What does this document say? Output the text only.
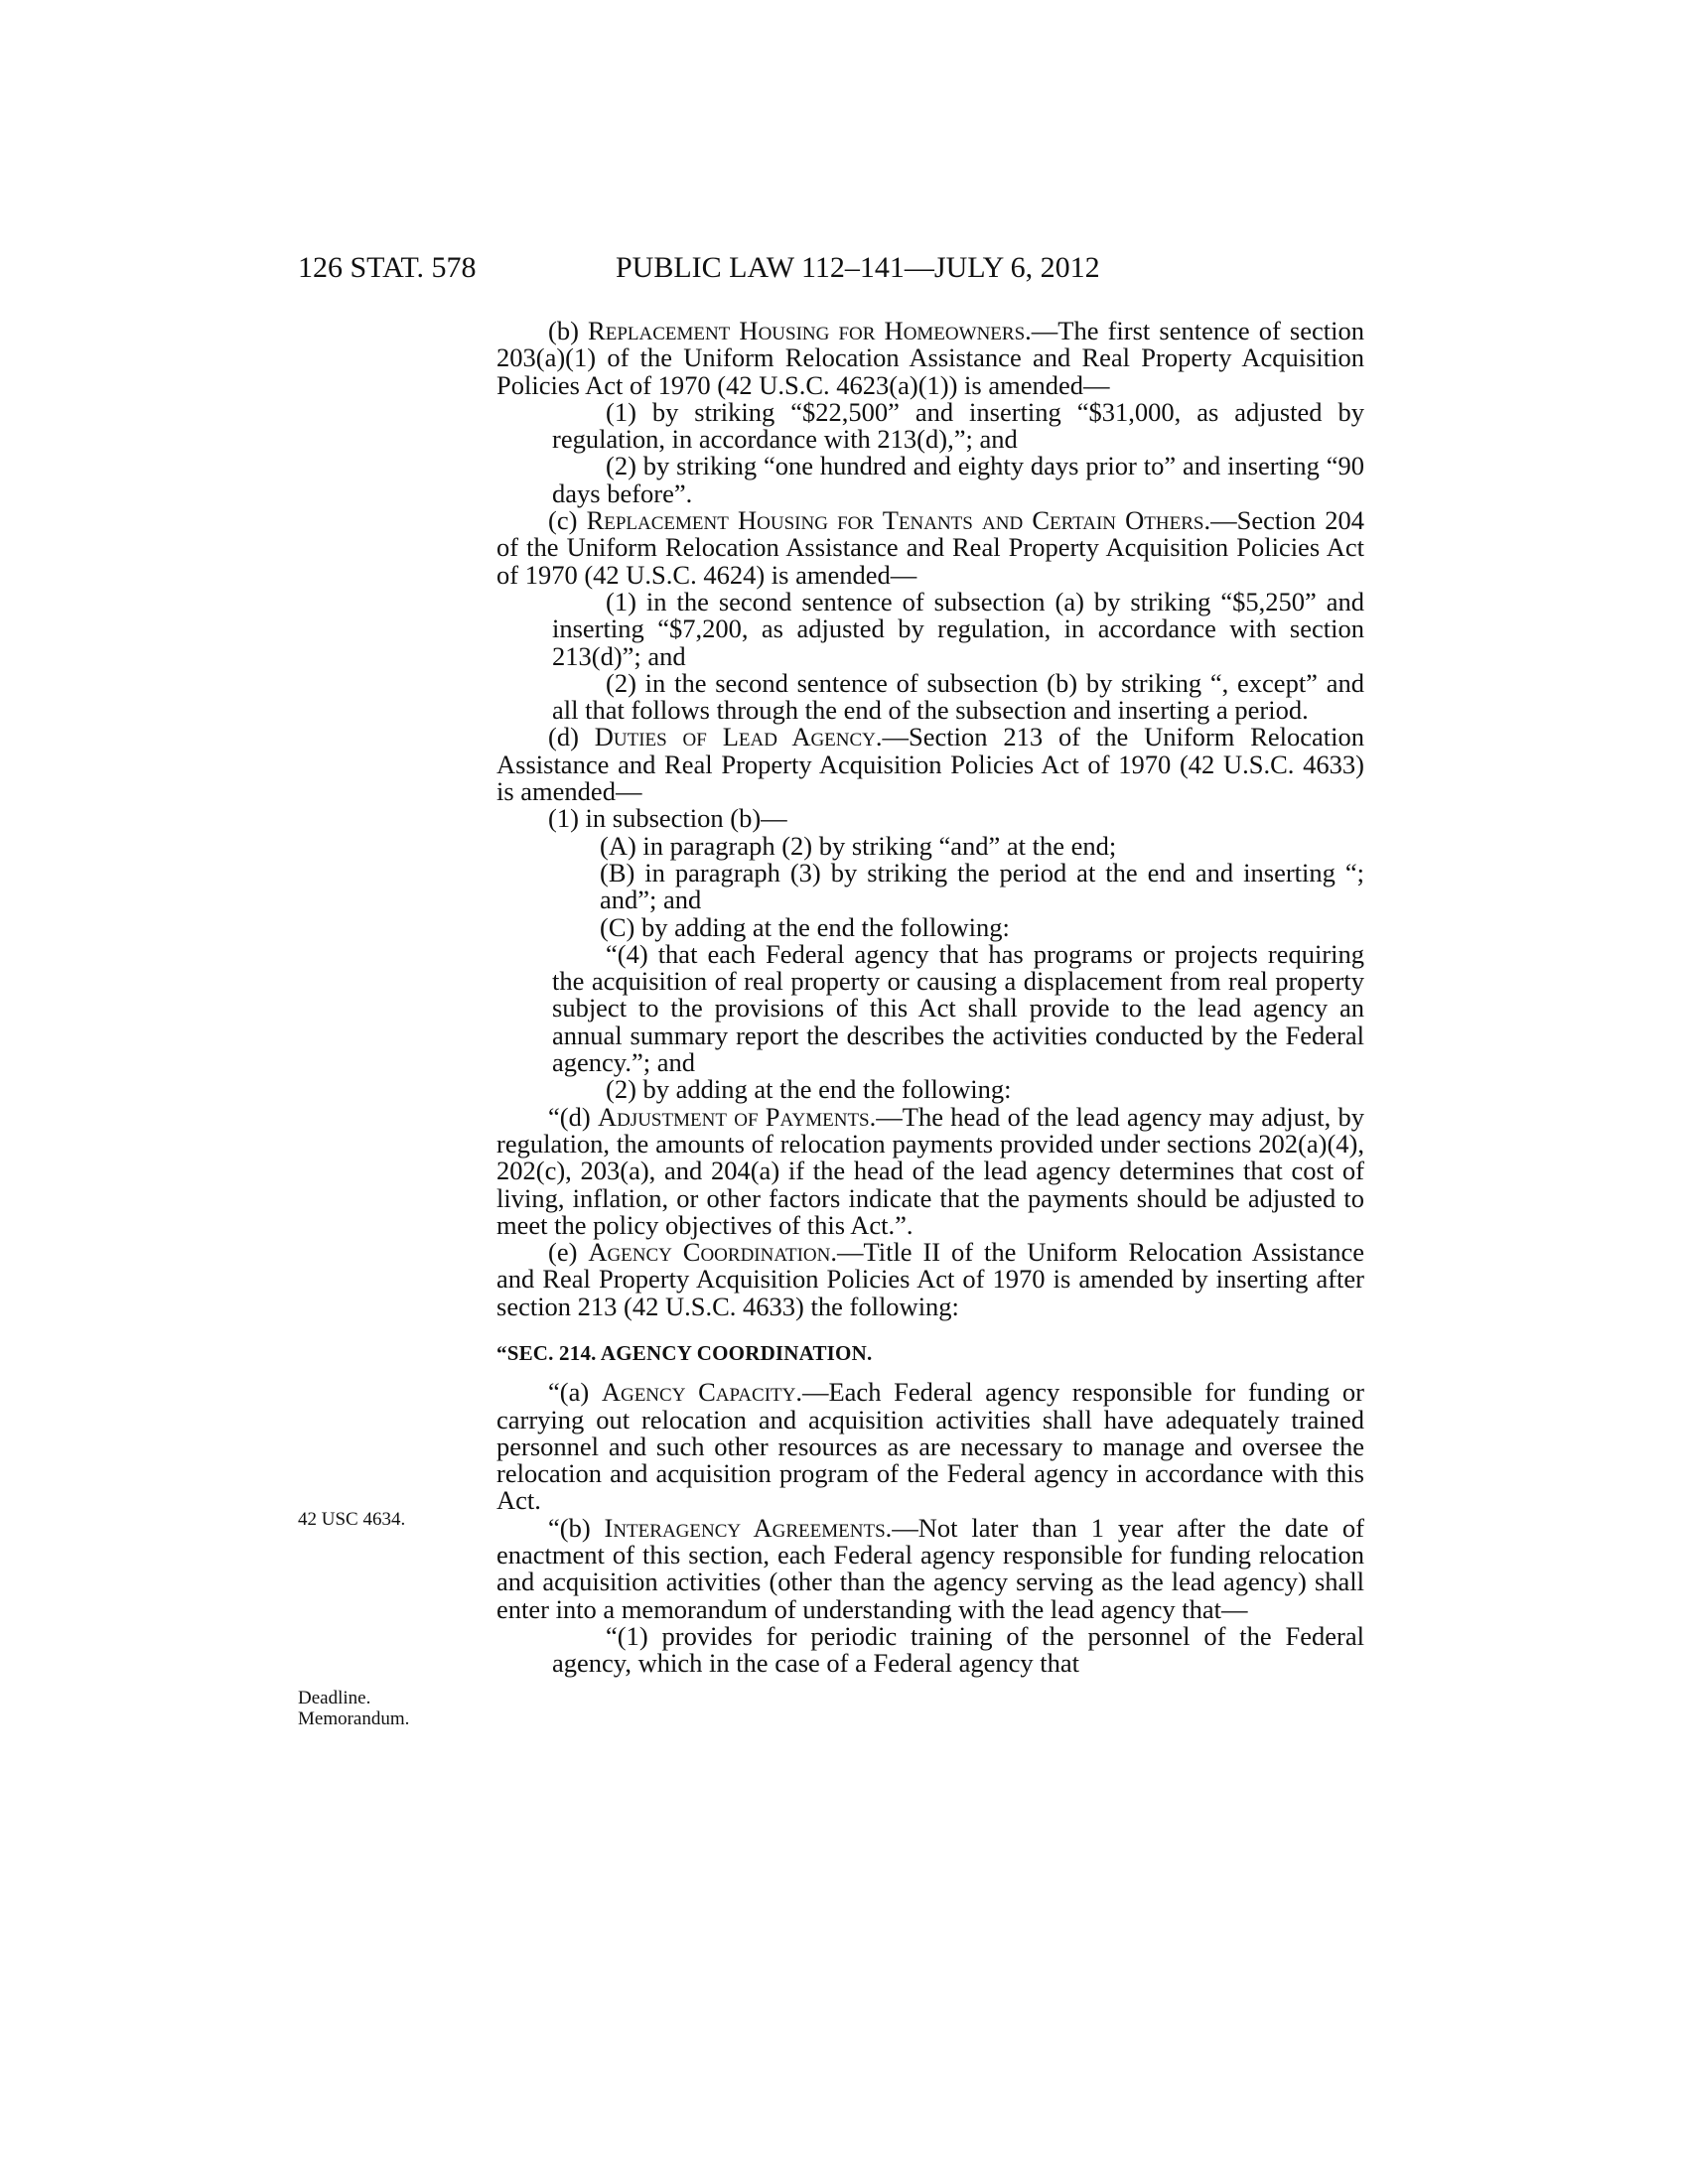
126 STAT. 578	PUBLIC LAW 112–141—JULY 6, 2012
42 USC 4634.
Deadline.
Memorandum.

(b) Replacement Housing for Homeowners.—The first sentence of section 203(a)(1) of the Uniform Relocation Assistance and Real Property Acquisition Policies Act of 1970 (42 U.S.C. 4623(a)(1)) is amended—

(1) by striking “$22,500” and inserting “$31,000, as adjusted by regulation, in accordance with 213(d),”; and

(2) by striking “one hundred and eighty days prior to” and inserting “90 days before”.

(c) Replacement Housing for Tenants and Certain Others.—Section 204 of the Uniform Relocation Assistance and Real Property Acquisition Policies Act of 1970 (42 U.S.C. 4624) is amended—

(1) in the second sentence of subsection (a) by striking “$5,250” and inserting “$7,200, as adjusted by regulation, in accordance with section 213(d)”; and

(2) in the second sentence of subsection (b) by striking “, except” and all that follows through the end of the subsection and inserting a period.

(d) Duties of Lead Agency.—Section 213 of the Uniform Relocation Assistance and Real Property Acquisition Policies Act of 1970 (42 U.S.C. 4633) is amended—

(1) in subsection (b)—

(A) in paragraph (2) by striking “and” at the end;

(B) in paragraph (3) by striking the period at the end and inserting “; and”; and

(C) by adding at the end the following:

“(4) that each Federal agency that has programs or projects requiring the acquisition of real property or causing a displacement from real property subject to the provisions of this Act shall provide to the lead agency an annual summary report the describes the activities conducted by the Federal agency.”; and

(2) by adding at the end the following:

“(d) Adjustment of Payments.—The head of the lead agency may adjust, by regulation, the amounts of relocation payments provided under sections 202(a)(4), 202(c), 203(a), and 204(a) if the head of the lead agency determines that cost of living, inflation, or other factors indicate that the payments should be adjusted to meet the policy objectives of this Act.”.

(e) Agency Coordination.—Title II of the Uniform Relocation Assistance and Real Property Acquisition Policies Act of 1970 is amended by inserting after section 213 (42 U.S.C. 4633) the following:

“SEC. 214. AGENCY COORDINATION.

“(a) Agency Capacity.—Each Federal agency responsible for funding or carrying out relocation and acquisition activities shall have adequately trained personnel and such other resources as are necessary to manage and oversee the relocation and acquisition program of the Federal agency in accordance with this Act.

“(b) Interagency Agreements.—Not later than 1 year after the date of enactment of this section, each Federal agency responsible for funding relocation and acquisition activities (other than the agency serving as the lead agency) shall enter into a memorandum of understanding with the lead agency that—

“(1) provides for periodic training of the personnel of the Federal agency, which in the case of a Federal agency that
